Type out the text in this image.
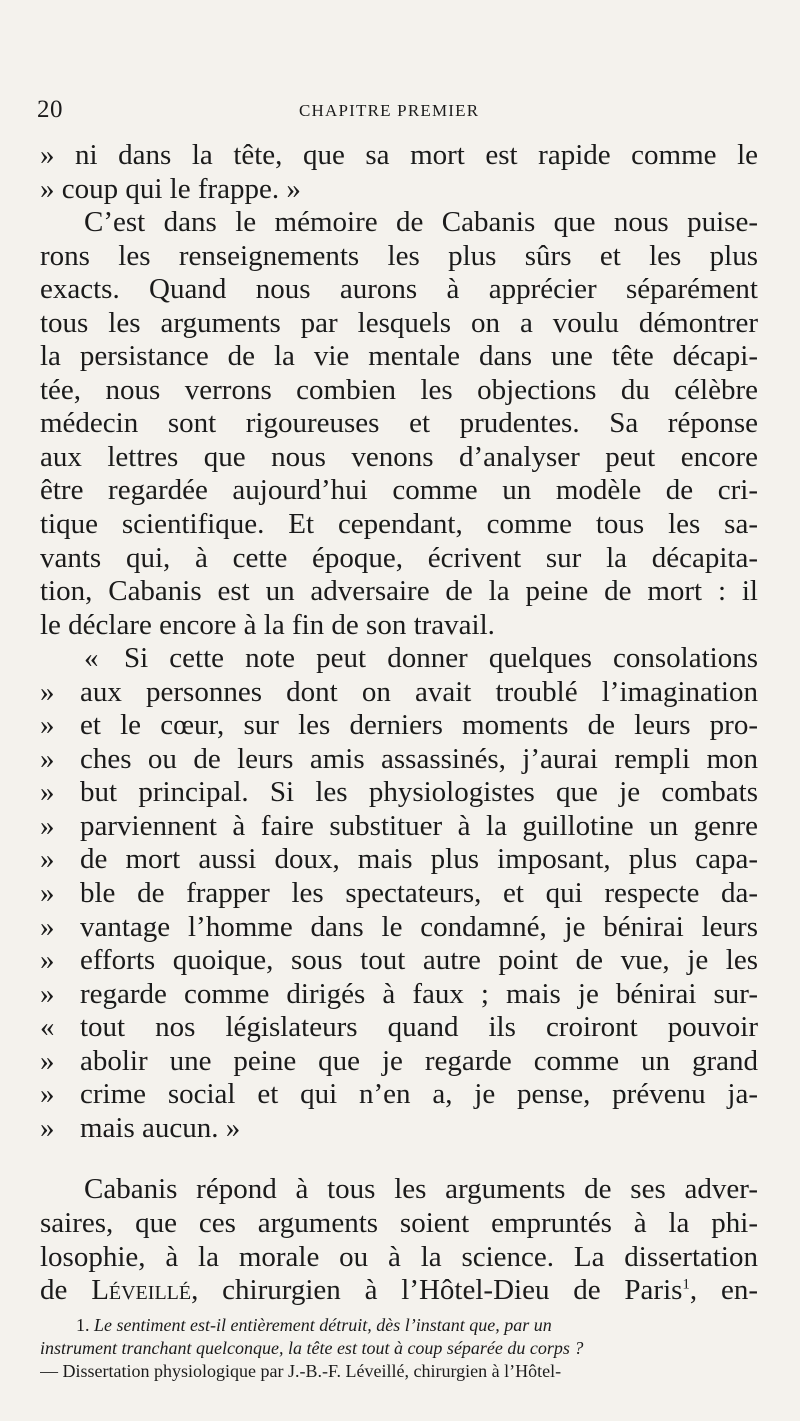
20	CHAPITRE PREMIER
» ni dans la tête, que sa mort est rapide comme le
» coup qui le frappe. »
C’est dans le mémoire de Cabanis que nous puise-
rons les renseignements les plus sûrs et les plus
exacts. Quand nous aurons à apprécier séparément
tous les arguments par lesquels on a voulu démontrer
la persistance de la vie mentale dans une tête décapi-
tée, nous verrons combien les objections du célèbre
médecin sont rigoureuses et prudentes. Sa réponse
aux lettres que nous venons d’analyser peut encore
être regardée aujourd’hui comme un modèle de cri-
tique scientifique. Et cependant, comme tous les sa-
vants qui, à cette époque, écrivent sur la décapita-
tion, Cabanis est un adversaire de la peine de mort : il
le déclare encore à la fin de son travail.
« Si cette note peut donner quelques consolations
» aux personnes dont on avait troublé l’imagination
» et le cœur, sur les derniers moments de leurs pro-
» ches ou de leurs amis assassinés, j’aurai rempli mon
» but principal. Si les physiologistes que je combats
» parviennent à faire substituer à la guillotine un genre
» de mort aussi doux, mais plus imposant, plus capa-
» ble de frapper les spectateurs, et qui respecte da-
» vantage l’homme dans le condamné, je bénirai leurs
» efforts quoique, sous tout autre point de vue, je les
» regarde comme dirigés à faux ; mais je bénirai sur-
« tout nos législateurs quand ils croiront pouvoir
» abolir une peine que je regarde comme un grand
» crime social et qui n’en a, je pense, prévenu ja-
» mais aucun. »
Cabanis répond à tous les arguments de ses adver-
saires, que ces arguments soient empruntés à la phi-
losophie, à la morale ou à la science. La dissertation
de Léveillé, chirurgien à l’Hôtel-Dieu de Paris$^1$, en-
1. Le sentiment est-il entièrement détruit, dès l’instant que, par un
instrument tranchant quelconque, la tête est tout à coup séparée du corps ?
— Dissertation physiologique par J.-B.-F. Léveillé, chirurgien à l’Hôtel-
